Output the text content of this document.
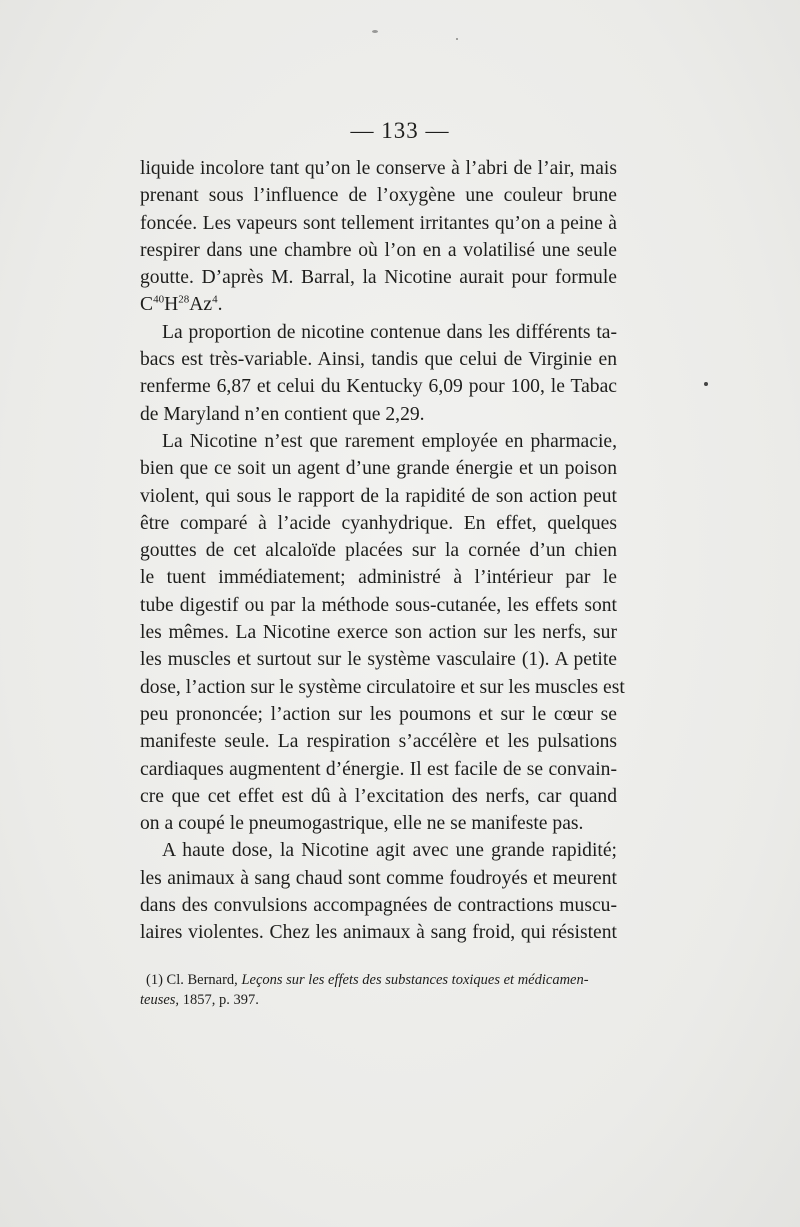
— 133 —
liquide incolore tant qu’on le conserve à l’abri de l’air, mais
prenant sous l’influence de l’oxygène une couleur brune
foncée. Les vapeurs sont tellement irritantes qu’on a peine à
respirer dans une chambre où l’on en a volatilisé une seule
goutte. D’après M. Barral, la Nicotine aurait pour formule
$C^{40}H^{28}Az^4$.
La proportion de nicotine contenue dans les différents ta-
bacs est très-variable. Ainsi, tandis que celui de Virginie en
renferme 6,87 et celui du Kentucky 6,09 pour 100, le Tabac
de Maryland n’en contient que 2,29.
La Nicotine n’est que rarement employée en pharmacie,
bien que ce soit un agent d’une grande énergie et un poison
violent, qui sous le rapport de la rapidité de son action peut
être comparé à l’acide cyanhydrique. En effet, quelques
gouttes de cet alcaloïde placées sur la cornée d’un chien
le tuent immédiatement; administré à l’intérieur par le
tube digestif ou par la méthode sous-cutanée, les effets sont
les mêmes. La Nicotine exerce son action sur les nerfs, sur
les muscles et surtout sur le système vasculaire (1). A petite
dose, l’action sur le système circulatoire et sur les muscles est
peu prononcée; l’action sur les poumons et sur le cœur se
manifeste seule. La respiration s’accélère et les pulsations
cardiaques augmentent d’énergie. Il est facile de se convain-
cre que cet effet est dû à l’excitation des nerfs, car quand
on a coupé le pneumogastrique, elle ne se manifeste pas.
A haute dose, la Nicotine agit avec une grande rapidité;
les animaux à sang chaud sont comme foudroyés et meurent
dans des convulsions accompagnées de contractions muscu-
laires violentes. Chez les animaux à sang froid, qui résistent
(1) Cl. Bernard, Leçons sur les effets des substances toxiques et médicamen-
teuses, 1857, p. 397.
